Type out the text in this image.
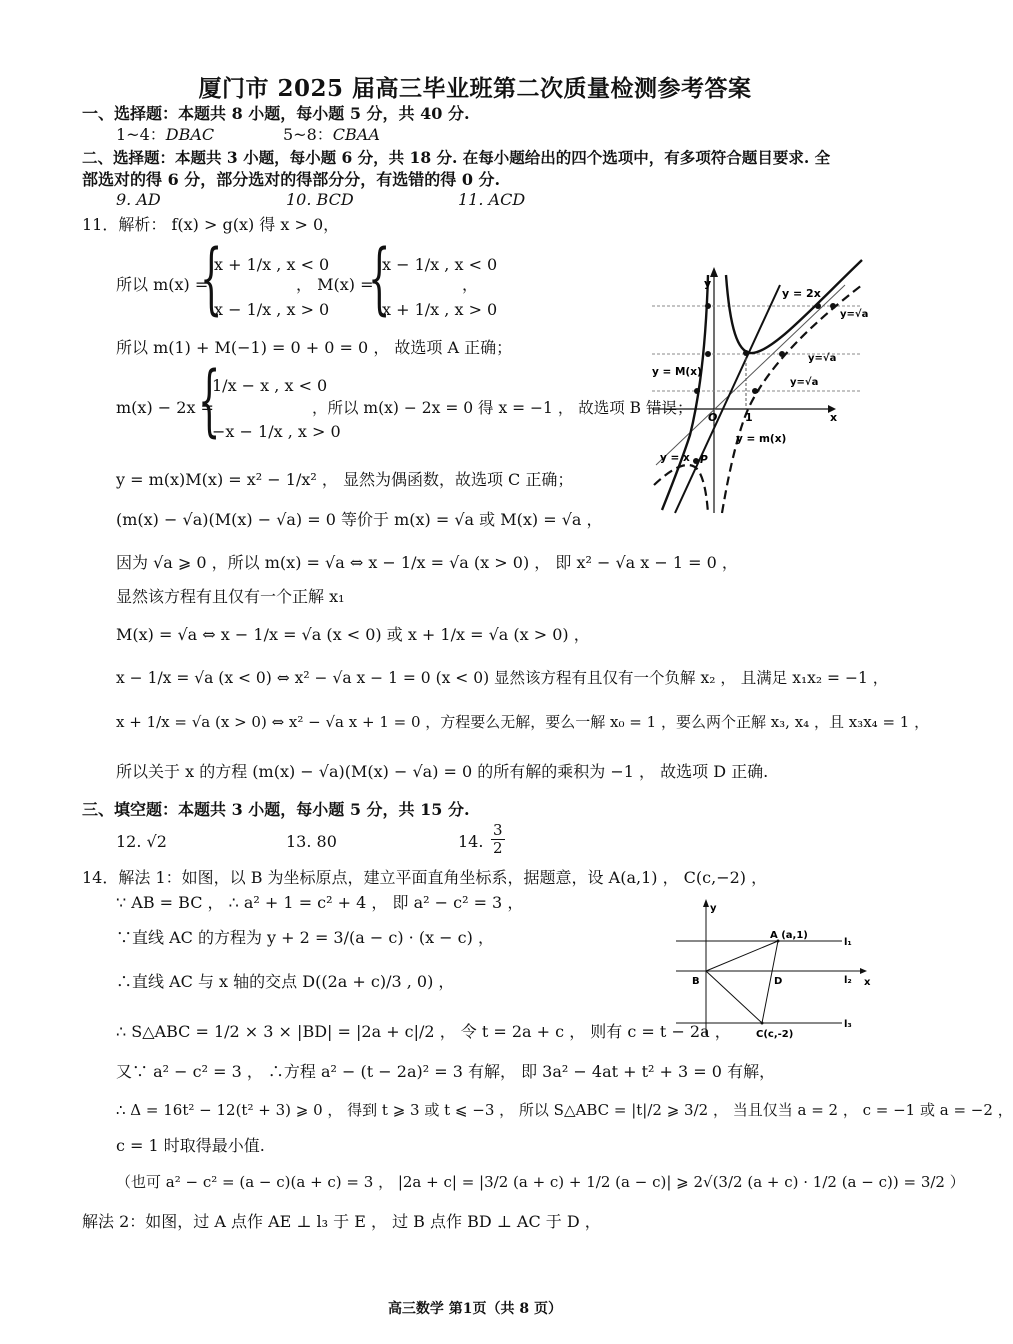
厦门市 2025 届高三毕业班第二次质量检测参考答案
一、选择题：本题共 8 小题，每小题 5 分，共 40 分.
1~4：DBAC	5~8：CBAA
二、选择题：本题共 3 小题，每小题 6 分，共 18 分. 在每小题给出的四个选项中，有多项符合题目要求. 全
部选对的得 6 分，部分选对的得部分分，有选错的得 0 分.
9. AD	10. BCD	11. ACD
11．解析： f(x) > g(x) 得 x > 0，
所以 m(x) =
{
x + 1/x , x < 0
x − 1/x , x > 0
， M(x) =
{
x − 1/x , x < 0
x + 1/x , x > 0
，
所以 m(1) + M(−1) = 0 + 0 = 0 ， 故选项 A 正确；
m(x) − 2x =
{
1/x − x , x < 0
−x − 1/x , x > 0
，所以 m(x) − 2x = 0 得 x = −1 ， 故选项 B 错误；
y = m(x)M(x) = x² − 1/x² ， 显然为偶函数，故选项 C 正确；
(m(x) − √a)(M(x) − √a) = 0 等价于 m(x) = √a 或 M(x) = √a ，
因为 √a ⩾ 0 ，所以 m(x) = √a ⇔ x − 1/x = √a (x > 0) ， 即 x² − √a x − 1 = 0 ，
显然该方程有且仅有一个正解 x₁
M(x) = √a ⇔ x − 1/x = √a (x < 0) 或 x + 1/x = √a (x > 0) ，
x − 1/x = √a (x < 0) ⇔ x² − √a x − 1 = 0 (x < 0) 显然该方程有且仅有一个负解 x₂ ， 且满足 x₁x₂ = −1 ，
x + 1/x = √a (x > 0) ⇔ x² − √a x + 1 = 0 ，方程要么无解，要么一解 x₀ = 1 ，要么两个正解 x₃, x₄ ，且 x₃x₄ = 1 ，
所以关于 x 的方程 (m(x) − √a)(M(x) − √a) = 0 的所有解的乘积为 −1 ， 故选项 D 正确.
y
x
O	1
y = 2x
y=√a
y=√a
y=√a
y = M(x)
y = m(x)
y = x P
三、填空题：本题共 3 小题，每小题 5 分，共 15 分.
12. √2	13. 80	14. $\frac{3}{2}$
14．解法 1：如图，以 B 为坐标原点，建立平面直角坐标系，据题意，设 A(a,1) ， C(c,−2) ，
∵ AB = BC ， ∴ a² + 1 = c² + 4 ， 即 a² − c² = 3 ，
∵直线 AC 的方程为 y + 2 = 3/(a − c) · (x − c) ，
∴直线 AC 与 x 轴的交点 D((2a + c)/3 , 0) ，
∴ S△ABC = 1/2 × 3 × |BD| = |2a + c|/2 ， 令 t = 2a + c ， 则有 c = t − 2a ，
又∵ a² − c² = 3 ， ∴方程 a² − (t − 2a)² = 3 有解， 即 3a² − 4at + t² + 3 = 0 有解，
∴ Δ = 16t² − 12(t² + 3) ⩾ 0 ， 得到 t ⩾ 3 或 t ⩽ −3 ， 所以 S△ABC = |t|/2 ⩾ 3/2 ， 当且仅当 a = 2 ， c = −1 或 a = −2 ，
c = 1 时取得最小值.
（也可 a² − c² = (a − c)(a + c) = 3 ， |2a + c| = |3/2 (a + c) + 1/2 (a − c)| ⩾ 2√(3/2 (a + c) · 1/2 (a − c)) = 3/2 ）
解法 2：如图，过 A 点作 AE ⊥ l₃ 于 E ， 过 B 点作 BD ⊥ AC 于 D ，
y
x
A (a,1)
B
C(c,-2)
D
l₁
l₂
l₃
高三数学 第1页（共 8 页）
